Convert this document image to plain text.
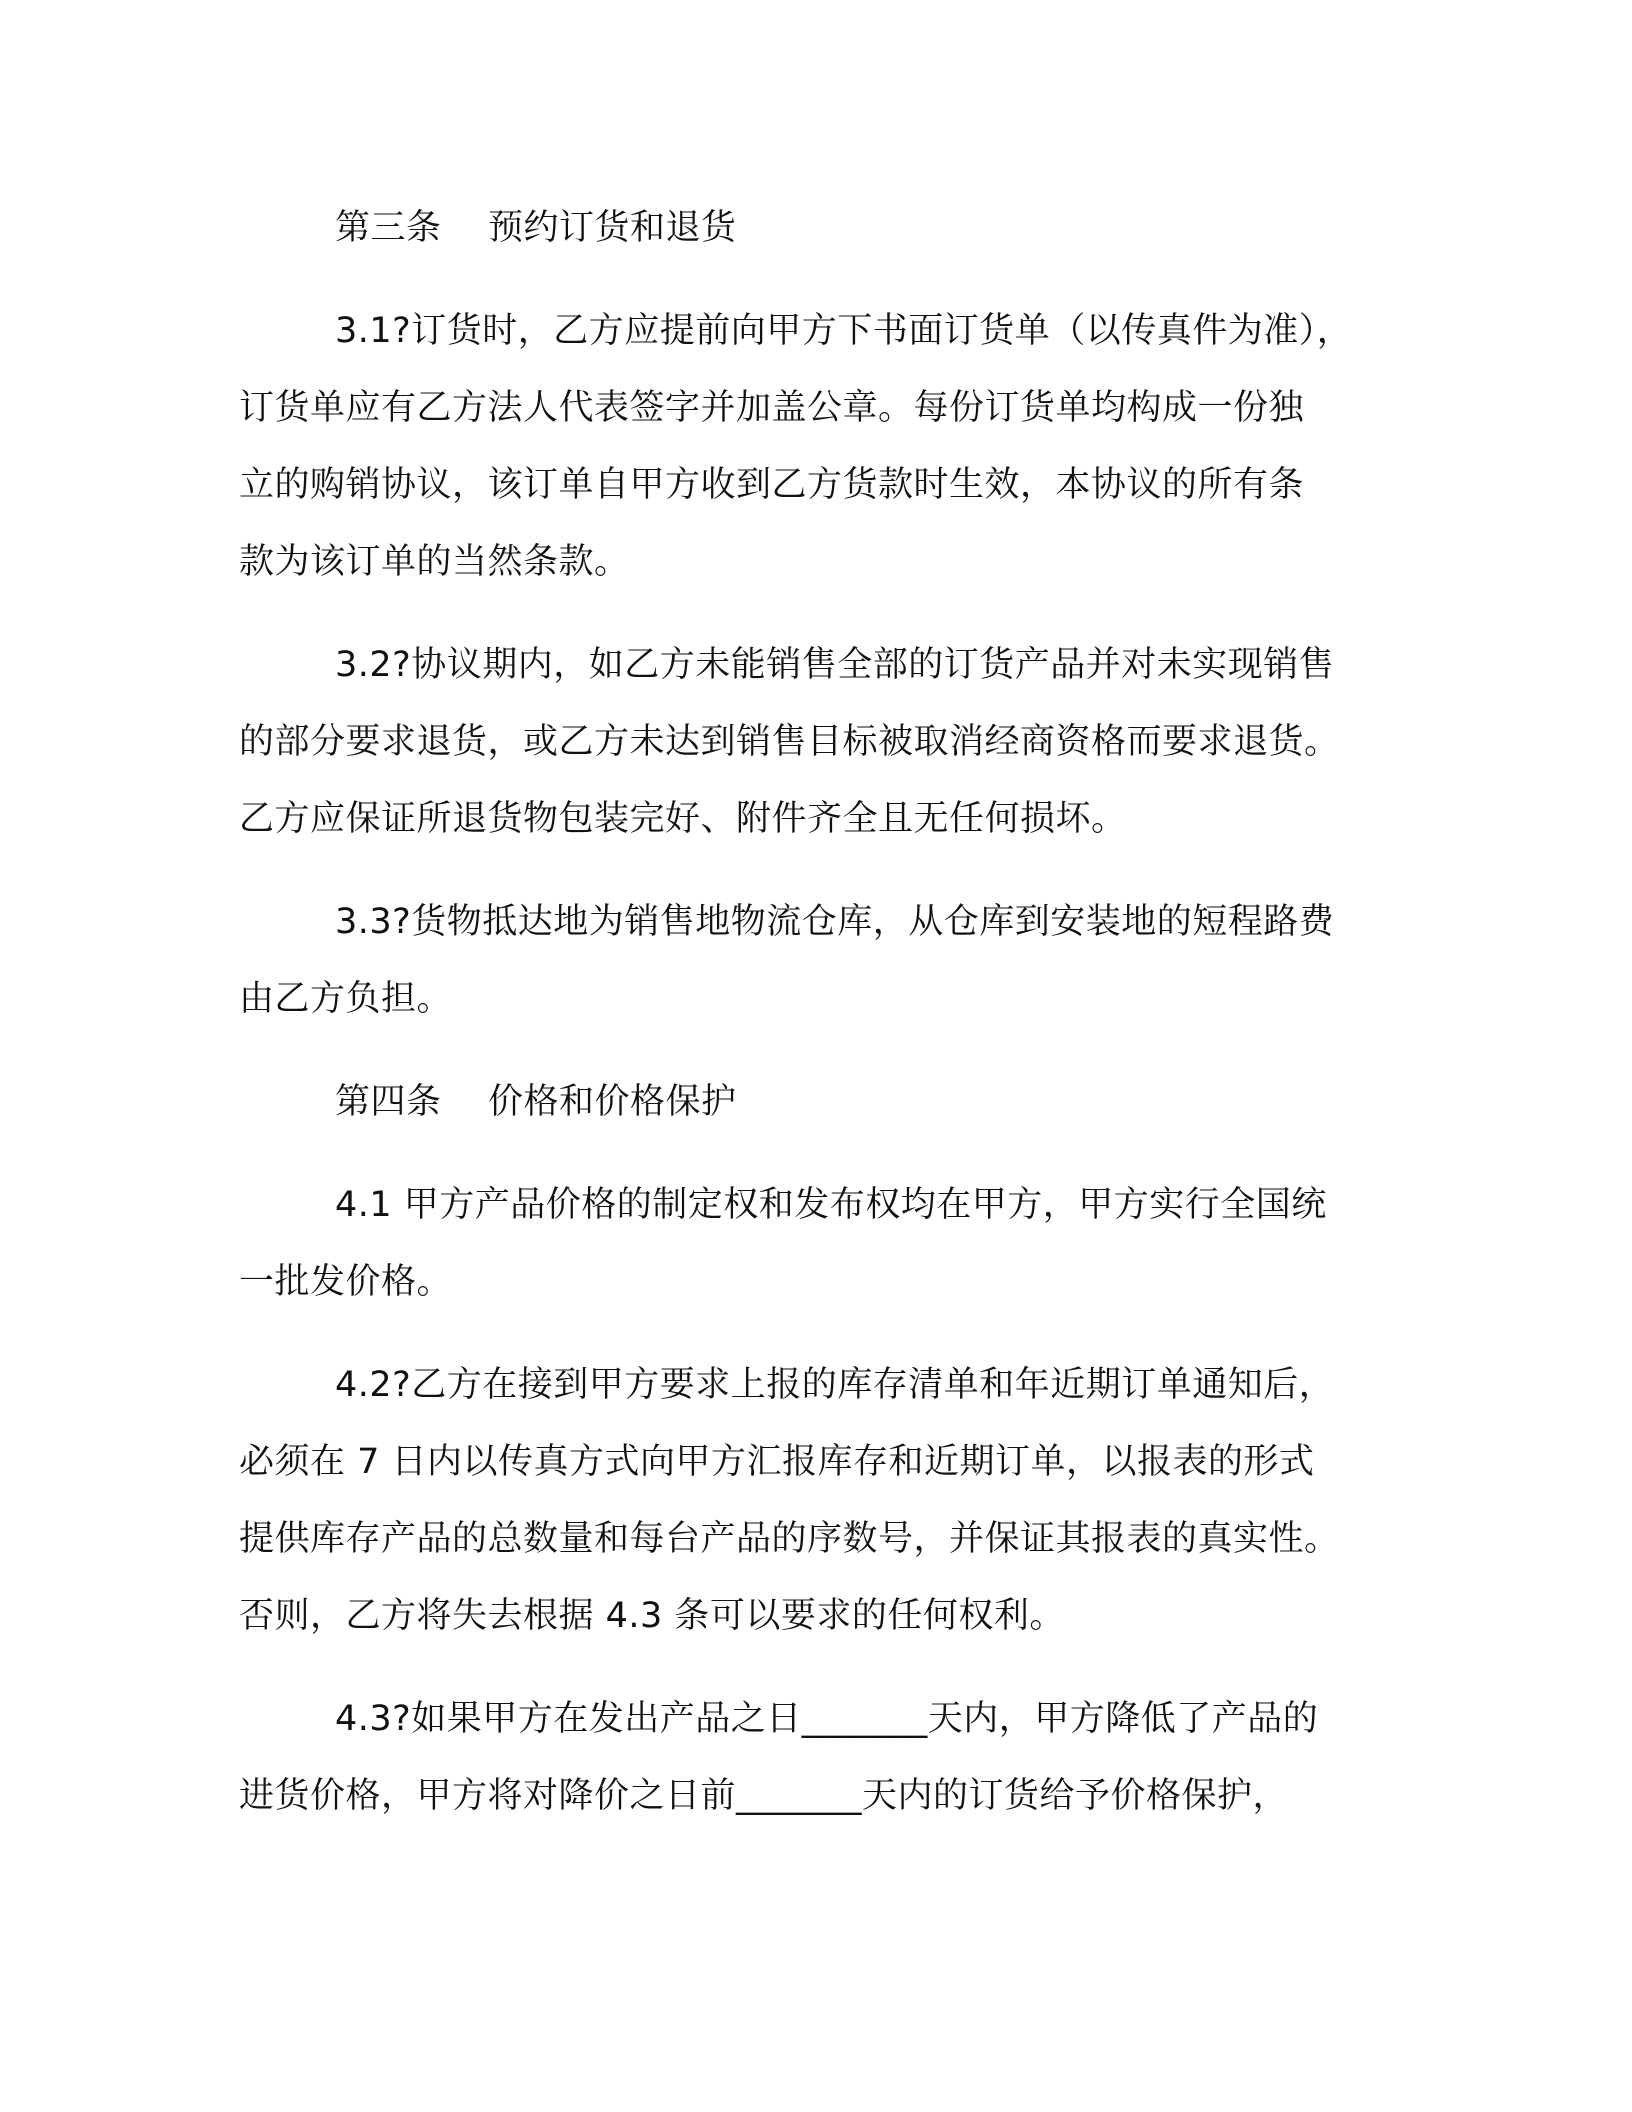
第三条    预约订货和退货
3.1?订货时，乙方应提前向甲方下书面订货单（以传真件为准），
订货单应有乙方法人代表签字并加盖公章。每份订货单均构成一份独
立的购销协议，该订单自甲方收到乙方货款时生效，本协议的所有条
款为该订单的当然条款。
3.2?协议期内，如乙方未能销售全部的订货产品并对未实现销售
的部分要求退货，或乙方未达到销售目标被取消经商资格而要求退货。
乙方应保证所退货物包装完好、附件齐全且无任何损坏。
3.3?货物抵达地为销售地物流仓库，从仓库到安装地的短程路费
由乙方负担。
第四条    价格和价格保护
4.1 甲方产品价格的制定权和发布权均在甲方，甲方实行全国统
一批发价格。
4.2?乙方在接到甲方要求上报的库存清单和年近期订单通知后，
必须在 7 日内以传真方式向甲方汇报库存和近期订单，以报表的形式
提供库存产品的总数量和每台产品的序数号，并保证其报表的真实性。
否则，乙方将失去根据 4.3 条可以要求的任何权利。
4.3?如果甲方在发出产品之日_______天内，甲方降低了产品的
进货价格，甲方将对降价之日前_______天内的订货给予价格保护，
